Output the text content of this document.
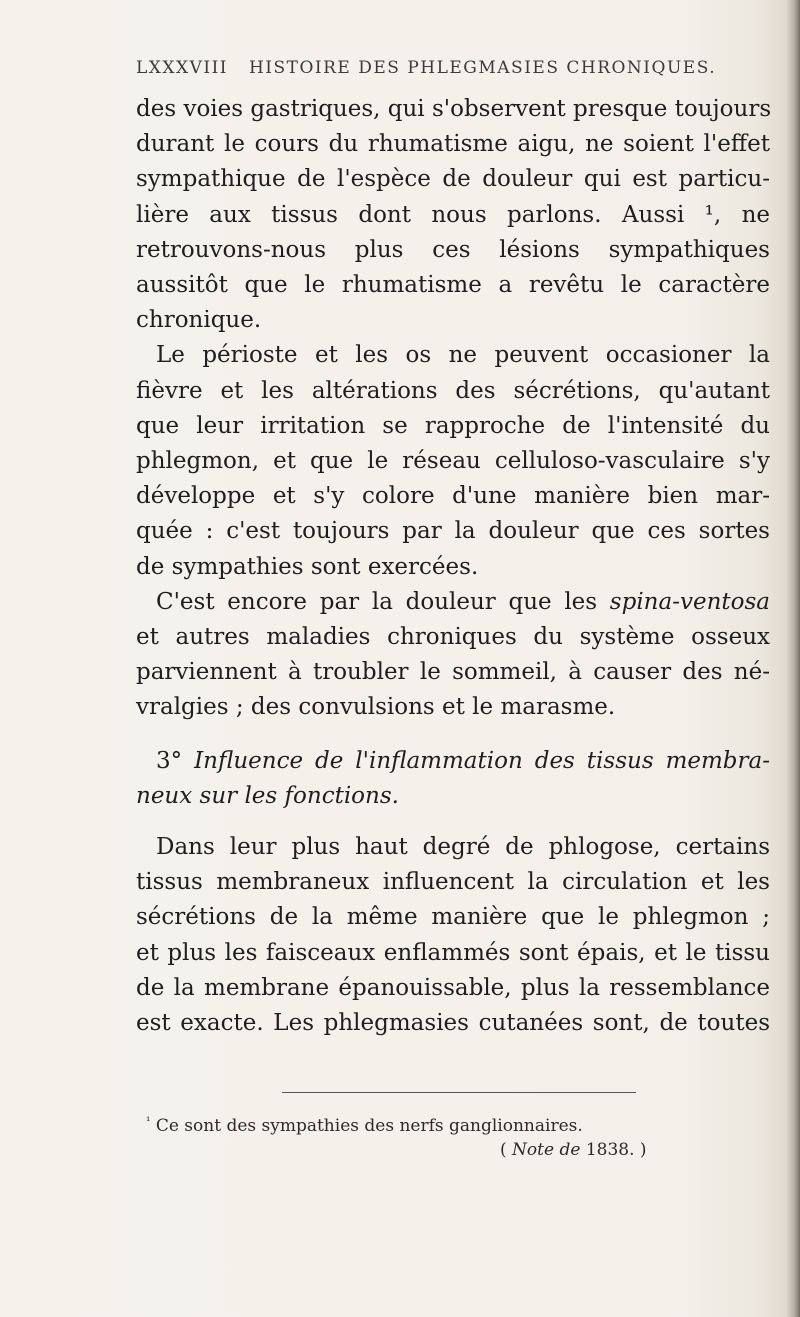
LXXXVIII HISTOIRE DES PHLEGMASIES CHRONIQUES.
des voies gastriques, qui s'observent presque toujours
durant le cours du rhumatisme aigu, ne soient l'effet
sympathique de l'espèce de douleur qui est particu-
lière aux tissus dont nous parlons. Aussi ¹, ne
retrouvons-nous plus ces lésions sympathiques
aussitôt que le rhumatisme a revêtu le caractère
chronique.
Le périoste et les os ne peuvent occasioner la
fièvre et les altérations des sécrétions, qu'autant
que leur irritation se rapproche de l'intensité du
phlegmon, et que le réseau celluloso-vasculaire s'y
développe et s'y colore d'une manière bien mar-
quée : c'est toujours par la douleur que ces sortes
de sympathies sont exercées.
C'est encore par la douleur que les spina-ventosa
et autres maladies chroniques du système osseux
parviennent à troubler le sommeil, à causer des né-
vralgies ; des convulsions et le marasme.
3° Influence de l'inflammation des tissus membra-
neux sur les fonctions.
Dans leur plus haut degré de phlogose, certains
tissus membraneux influencent la circulation et les
sécrétions de la même manière que le phlegmon ;
et plus les faisceaux enflammés sont épais, et le tissu
de la membrane épanouissable, plus la ressemblance
est exacte. Les phlegmasies cutanées sont, de toutes
$^{^1}$ Ce sont des sympathies des nerfs ganglionnaires.
( Note de 1838. )
